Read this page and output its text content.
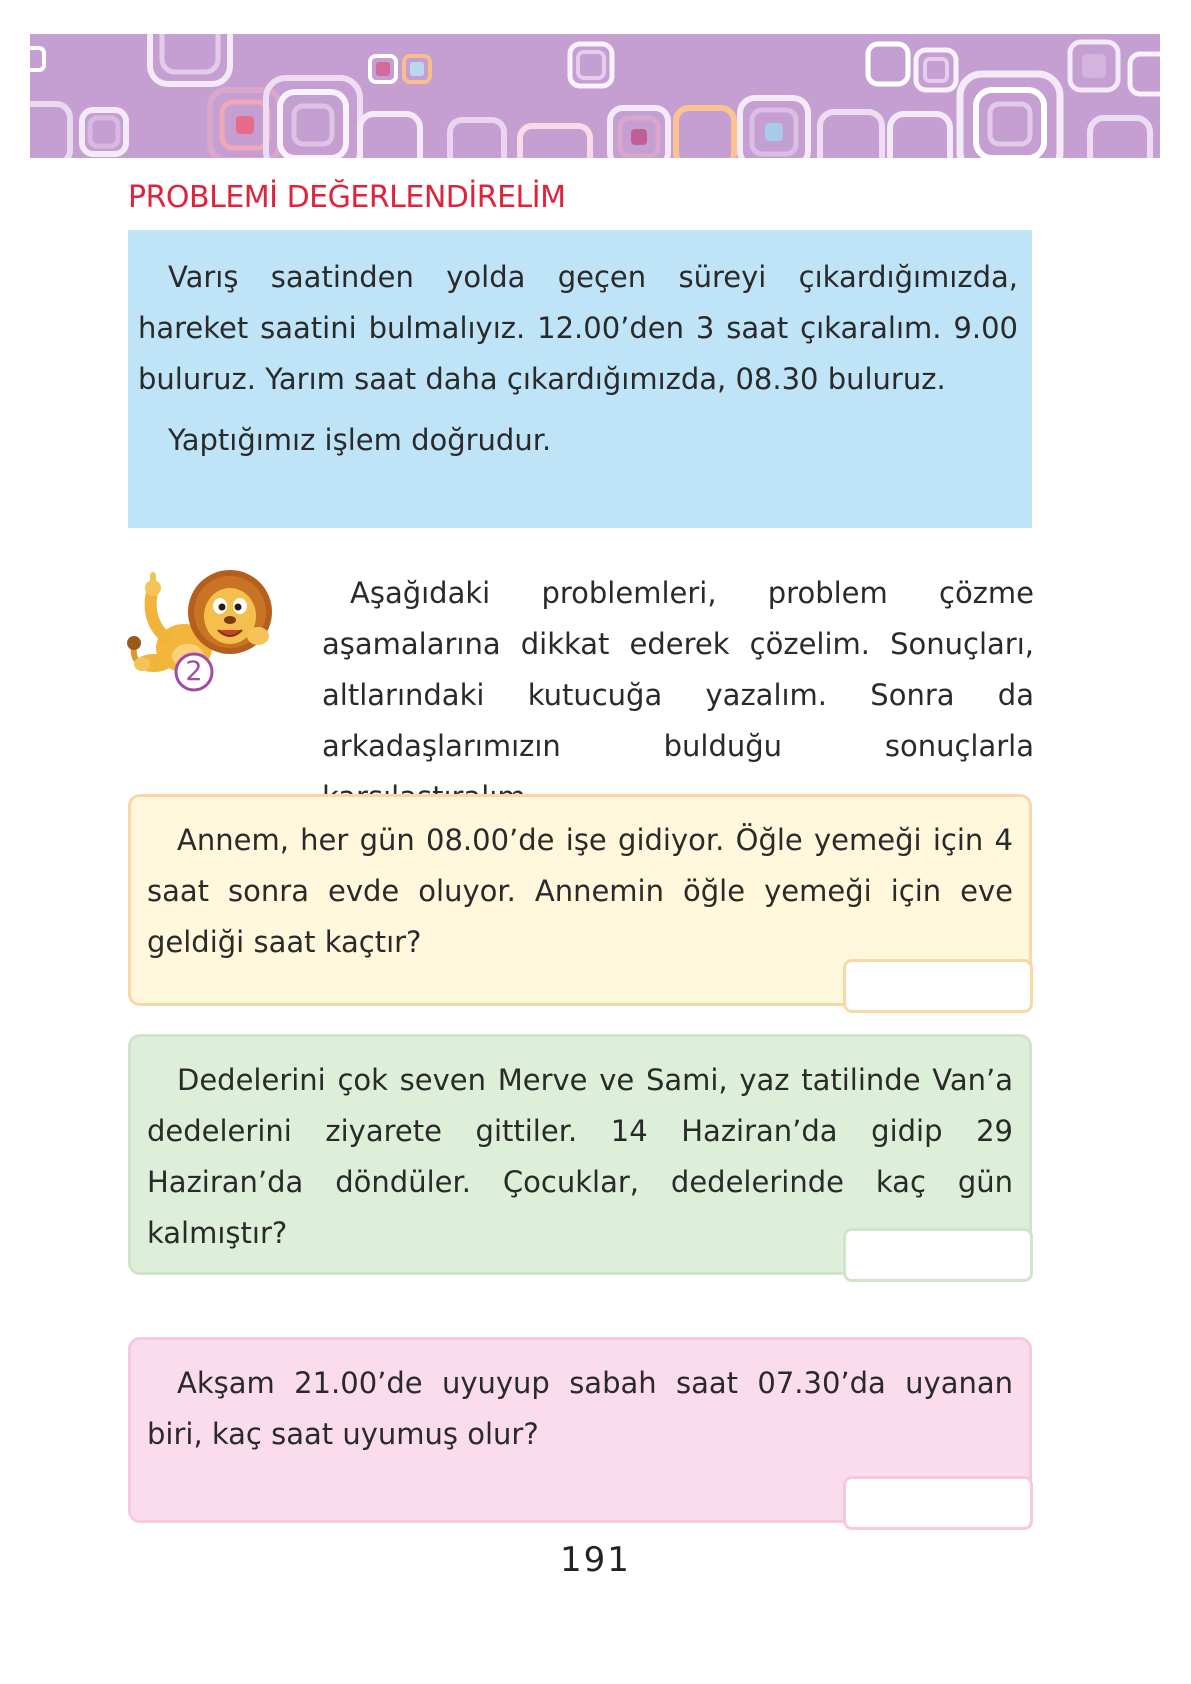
PROBLEMİ DEĞERLENDİRELİM

Varış saatinden yolda geçen süreyi çıkardığımızda, hareket saatini bulmalıyız. 12.00’den 3 saat çıkaralım. 9.00 buluruz. Yarım saat daha çıkardığımızda, 08.30 buluruz.

Yaptığımız işlem doğrudur.

2

Aşağıdaki problemleri, problem çözme aşamalarına dikkat ederek çözelim. Sonuçları, altlarındaki kutucuğa yazalım. Sonra da arkadaşlarımızın bulduğu sonuçlarla

Annem, her gün 08.00’de işe gidiyor. Öğle yemeği için 4 saat sonra evde oluyor. Annemin öğle yemeği için eve geldiği saat kaçtır?

Dedelerini çok seven Merve ve Sami, yaz tatilinde Van’a dedelerini ziyarete gittiler. 14 Haziran’da gidip 29 Haziran’da döndüler. Çocuklar, dedelerinde kaç gün kalmıştır?

Akşam 21.00’de uyuyup sabah saat 07.30’da uyanan biri, kaç saat uyumuş olur?

191
